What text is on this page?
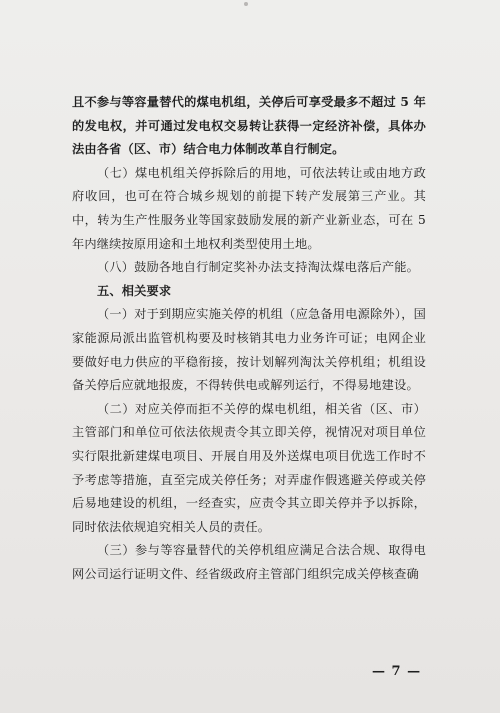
且不参与等容量替代的煤电机组，关停后可享受最多不超过 5 年的发电权，并可通过发电权交易转让获得一定经济补偿，具体办法由各省（区、市）结合电力体制改革自行制定。

（七）煤电机组关停拆除后的用地，可依法转让或由地方政府收回，也可在符合城乡规划的前提下转产发展第三产业。其中，转为生产性服务业等国家鼓励发展的新产业新业态，可在 5 年内继续按原用途和土地权利类型使用土地。

（八）鼓励各地自行制定奖补办法支持淘汰煤电落后产能。

五、相关要求

（一）对于到期应实施关停的机组（应急备用电源除外），国家能源局派出监管机构要及时核销其电力业务许可证；电网企业要做好电力供应的平稳衔接，按计划解列淘汰关停机组；机组设备关停后应就地报废，不得转供电或解列运行，不得易地建设。

（二）对应关停而拒不关停的煤电机组，相关省（区、市）主管部门和单位可依法依规责令其立即关停，视情况对项目单位实行限批新建煤电项目、开展自用及外送煤电项目优选工作时不予考虑等措施，直至完成关停任务；对弄虚作假逃避关停或关停后易地建设的机组，一经查实，应责令其立即关停并予以拆除，同时依法依规追究相关人员的责任。

（三）参与等容量替代的关停机组应满足合法合规、取得电网公司运行证明文件、经省级政府主管部门组织完成关停核查确

— 7 —
